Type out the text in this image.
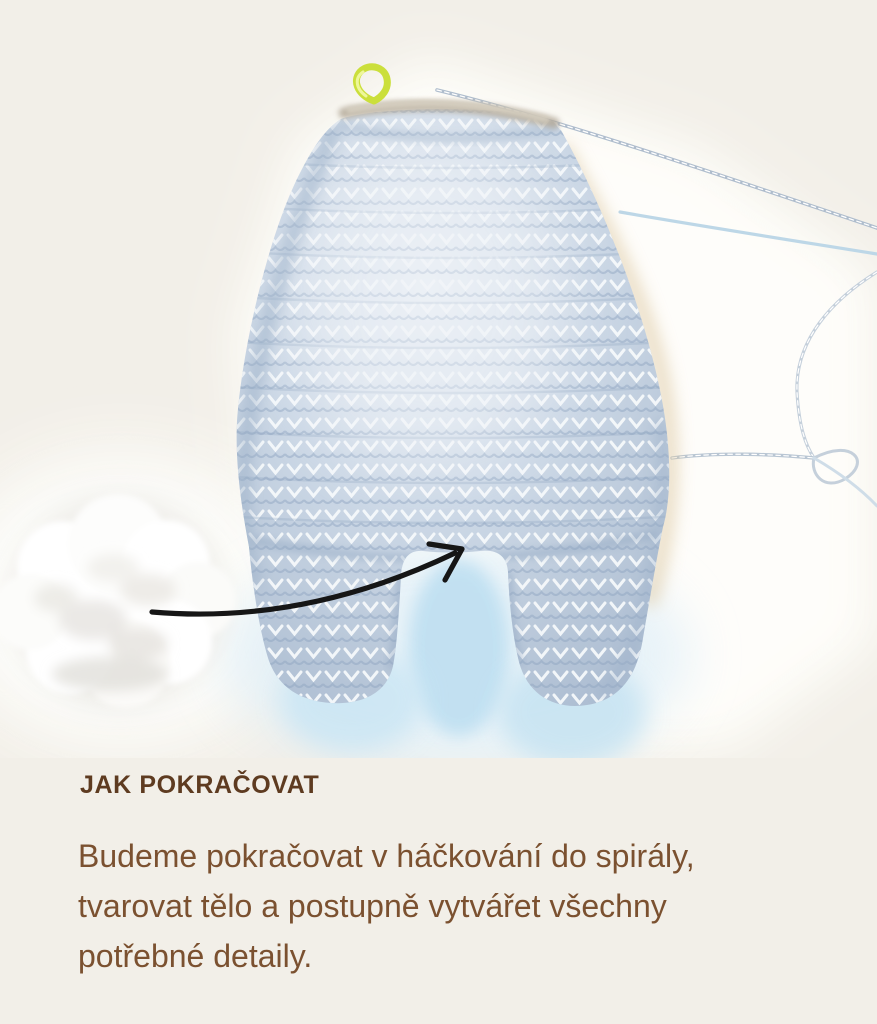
JAK POKRAČOVAT
Budeme pokračovat v háčkování do spirály,
tvarovat tělo a postupně vytvářet všechny
potřebné detaily.
